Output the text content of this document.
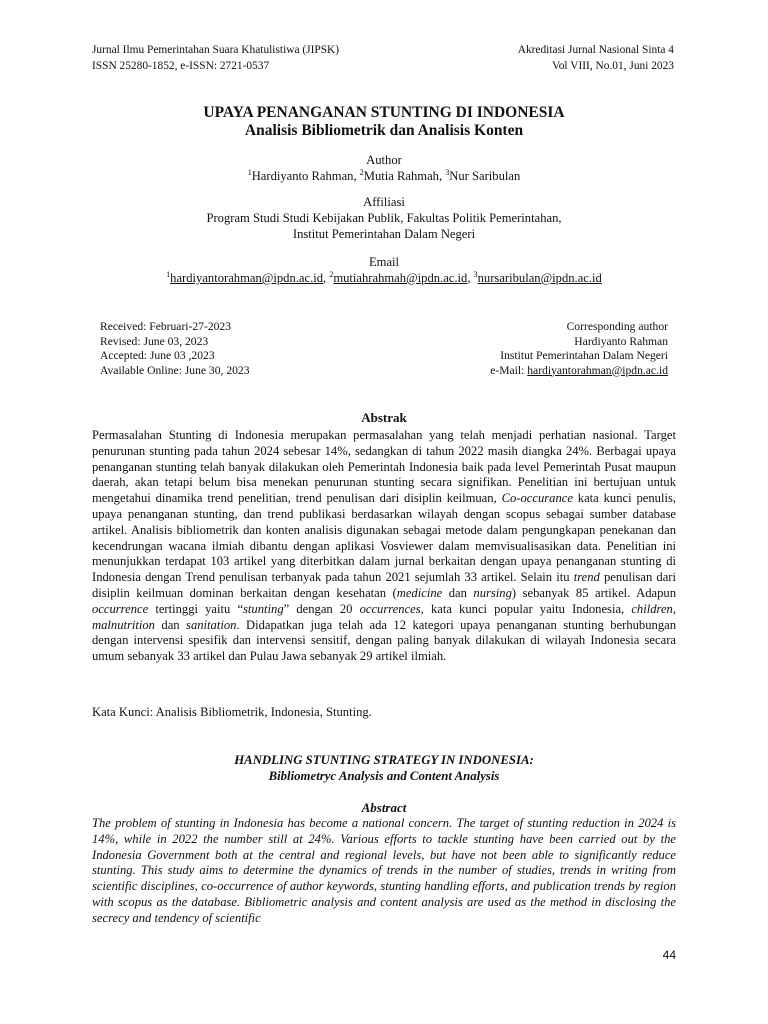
Jurnal Ilmu Pemerintahan Suara Khatulistiwa (JIPSK)
ISSN 25280-1852, e-ISSN: 2721-0537
Akreditasi Jurnal Nasional Sinta 4
Vol VIII, No.01, Juni 2023
UPAYA PENANGANAN STUNTING DI INDONESIA
Analisis Bibliometrik dan Analisis Konten
Author
$^1$Hardiyanto Rahman, $^2$Mutia Rahmah, $^3$Nur Saribulan
Affiliasi
Program Studi Studi Kebijakan Publik, Fakultas Politik Pemerintahan,
Institut Pemerintahan Dalam Negeri
Email
$^1$hardiyantorahman@ipdn.ac.id, $^2$mutiahrahmah@ipdn.ac.id, $^3$nursaribulan@ipdn.ac.id
Received: Februari-27-2023
Revised: June 03, 2023
Accepted: June 03 ,2023
Available Online: June 30, 2023
Corresponding author
Hardiyanto Rahman
Institut Pemerintahan Dalam Negeri
e-Mail: hardiyantorahman@ipdn.ac.id
Abstrak
Permasalahan Stunting di Indonesia merupakan permasalahan yang telah menjadi perhatian nasional. Target penurunan stunting pada tahun 2024 sebesar 14%, sedangkan di tahun 2022 masih diangka 24%. Berbagai upaya penanganan stunting telah banyak dilakukan oleh Pemerintah Indonesia baik pada level Pemerintah Pusat maupun daerah, akan tetapi belum bisa menekan penurunan stunting secara signifikan. Penelitian ini bertujuan untuk mengetahui dinamika trend penelitian, trend penulisan dari disiplin keilmuan, Co-occurance kata kunci penulis, upaya penanganan stunting, dan trend publikasi berdasarkan wilayah dengan scopus sebagai sumber database artikel. Analisis bibliometrik dan konten analisis digunakan sebagai metode dalam pengungkapan penekanan dan kecendrungan wacana ilmiah dibantu dengan aplikasi Vosviewer dalam memvisualisasikan data. Penelitian ini menunjukkan terdapat 103 artikel yang diterbitkan dalam jurnal berkaitan dengan upaya penanganan stunting di Indonesia dengan Trend penulisan terbanyak pada tahun 2021 sejumlah 33 artikel. Selain itu trend penulisan dari disiplin keilmuan dominan berkaitan dengan kesehatan (medicine dan nursing) sebanyak 85 artikel. Adapun occurrence tertinggi yaitu “stunting” dengan 20 occurrences, kata kunci popular yaitu Indonesia, children, malnutrition dan sanitation. Didapatkan juga telah ada 12 kategori upaya penanganan stunting berhubungan dengan intervensi spesifik dan intervensi sensitif, dengan paling banyak dilakukan di wilayah Indonesia secara umum sebanyak 33 artikel dan Pulau Jawa sebanyak 29 artikel ilmiah.
Kata Kunci: Analisis Bibliometrik, Indonesia, Stunting.
HANDLING STUNTING STRATEGY IN INDONESIA:
Bibliometryc Analysis and Content Analysis
Abstract
The problem of stunting in Indonesia has become a national concern. The target of stunting reduction in 2024 is 14%, while in 2022 the number still at 24%. Various efforts to tackle stunting have been carried out by the Indonesia Government both at the central and regional levels, but have not been able to significantly reduce stunting. This study aims to determine the dynamics of trends in the number of studies, trends in writing from scientific disciplines, co-occurrence of author keywords, stunting handling efforts, and publication trends by region with scopus as the database. Bibliometric analysis and content analysis are used as the method in disclosing the secrecy and tendency of scientific
44
